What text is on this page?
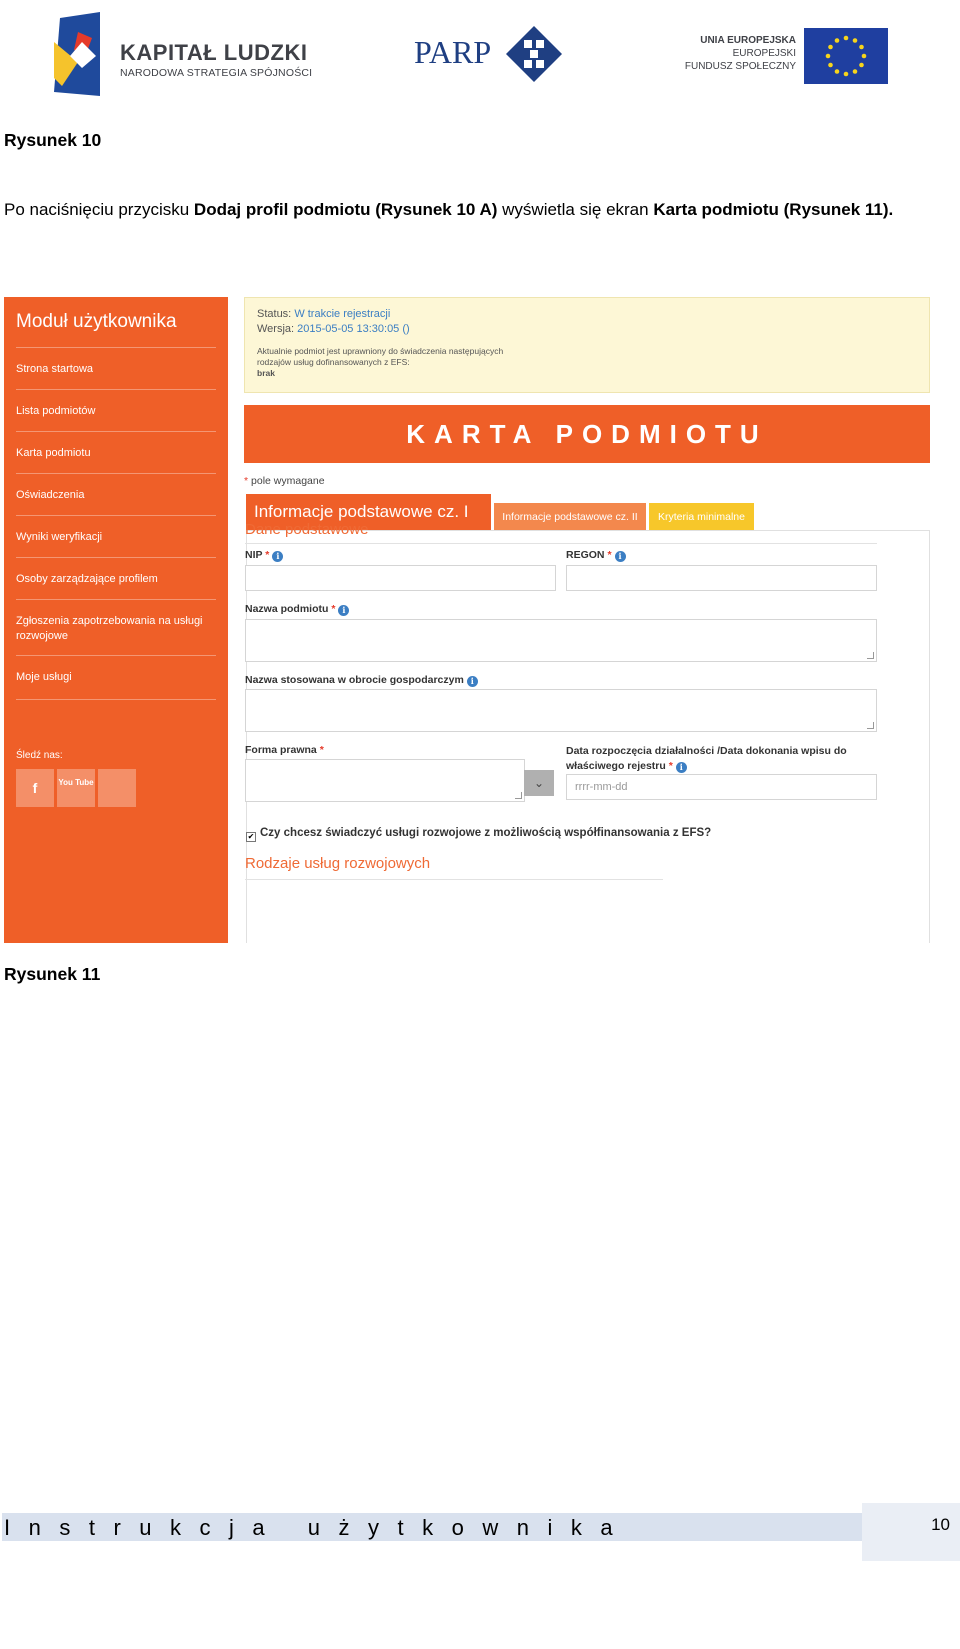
KAPITAŁ LUDZKI
NARODOWA STRATEGIA SPÓJNOŚCI
PARP	UNIA EUROPEJSKA
EUROPEJSKI
FUNDUSZ SPOŁECZNY
Rysunek 10
Po naciśnięciu przycisku Dodaj profil podmiotu (Rysunek 10 A) wyświetla się ekran Karta podmiotu (Rysunek 11).
Moduł użytkownika
Strona startowa
Lista podmiotów
Karta podmiotu
Oświadczenia
Wyniki weryfikacji
Osoby zarządzające profilem
Zgłoszenia zapotrzebowania na usługi rozwojowe
Moje usługi
Śledź nas:
f	You Tube
Status: W trakcie rejestracji
Wersja: 2015-05-05 13:30:05 ()
Aktualnie podmiot jest uprawniony do świadczenia następujących rodzajów usług dofinansowanych z EFS:
brak
KARTA PODMIOTU
* pole wymagane
Informacje podstawowe cz. I	Informacje podstawowe cz. II	Kryteria minimalne
Dane podstawowe
NIP * i	REGON * i
Nazwa podmiotu * i
Nazwa stosowana w obrocie gospodarczym i
Forma prawna *
⌄
Data rozpoczęcia działalności /Data dokonania wpisu do
właściwego rejestru * i
rrrr-mm-dd
✔ Czy chcesz świadczyć usługi rozwojowe z możliwością współfinansowania z EFS?
Rodzaje usług rozwojowych
Rysunek 11
Instrukcja użytkownika	10
